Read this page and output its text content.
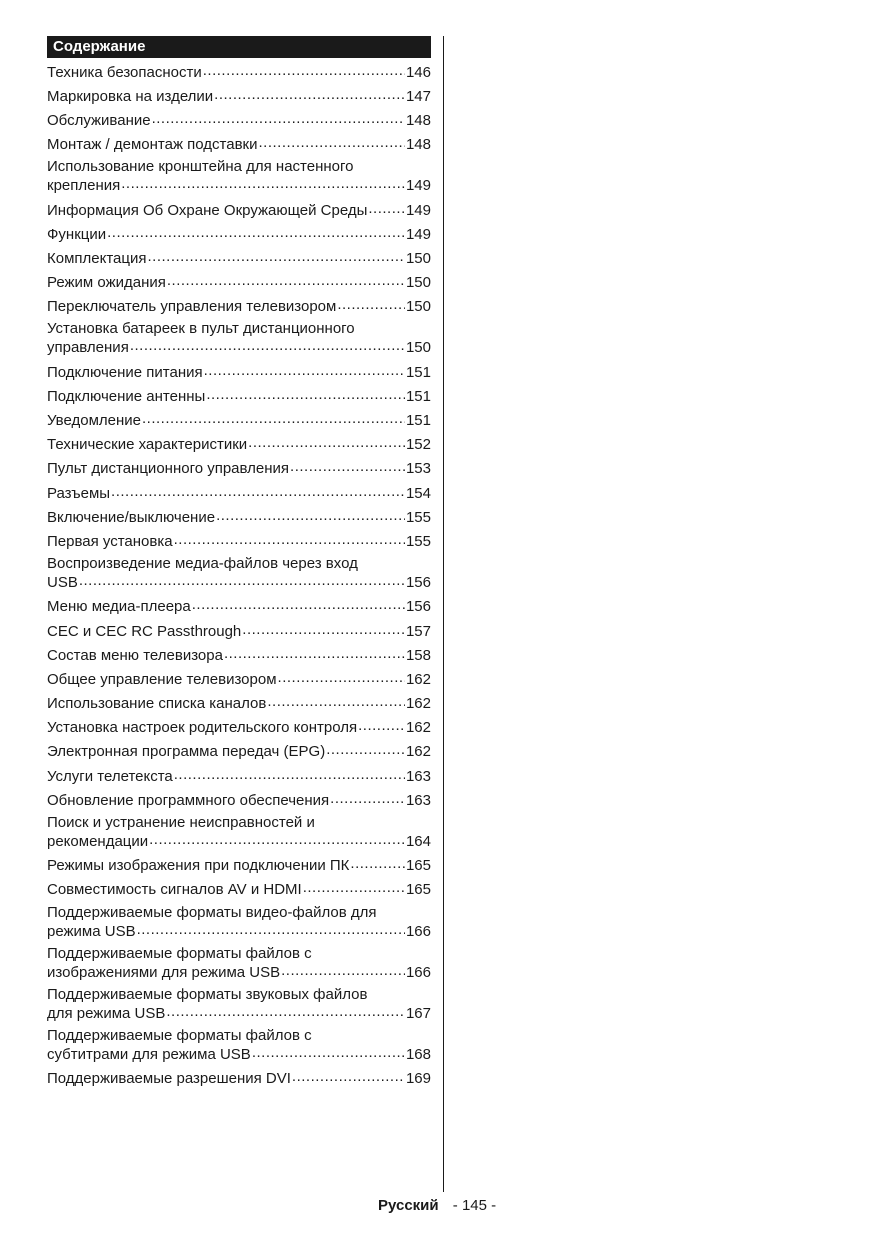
Содержание
Техника безопасности .....	146
Маркировка на изделии .....	147
Обслуживание .....	148
Монтаж / демонтаж подставки .....	148
Использование кронштейна для настенного
крепления .....	149
Информация Об Охране Окружающей Среды .....	149
Функции .....	149
Комплектация .....	150
Режим ожидания .....	150
Переключатель управления телевизором .....	150
Установка батареек в пульт дистанционного
управления .....	150
Подключение питания .....	151
Подключение антенны .....	151
Уведомление .....	151
Технические характеристики .....	152
Пульт дистанционного управления .....	153
Разъемы .....	154
Включение/выключение .....	155
Первая установка .....	155
Воспроизведение медиа-файлов через вход
USB .....	156
Меню медиа-плеера .....	156
CEC и CEC RC Passthrough .....	157
Состав меню телевизора .....	158
Общее управление телевизором .....	162
Использование списка каналов .....	162
Установка настроек родительского контроля .....	162
Электронная программа передач (EPG) .....	162
Услуги телетекста .....	163
Обновление программного обеспечения .....	163
Поиск и устранение неисправностей и
рекомендации .....	164
Режимы изображения при подключении ПК .....	165
Совместимость сигналов AV и HDMI .....	165
Поддерживаемые форматы видео-файлов для
режима USB .....	166
Поддерживаемые форматы файлов с
изображениями для режима USB .....	166
Поддерживаемые форматы звуковых файлов
для режима USB .....	167
Поддерживаемые форматы файлов с
субтитрами для режима USB .....	168
Поддерживаемые разрешения DVI .....	169
Русский - 145 -
